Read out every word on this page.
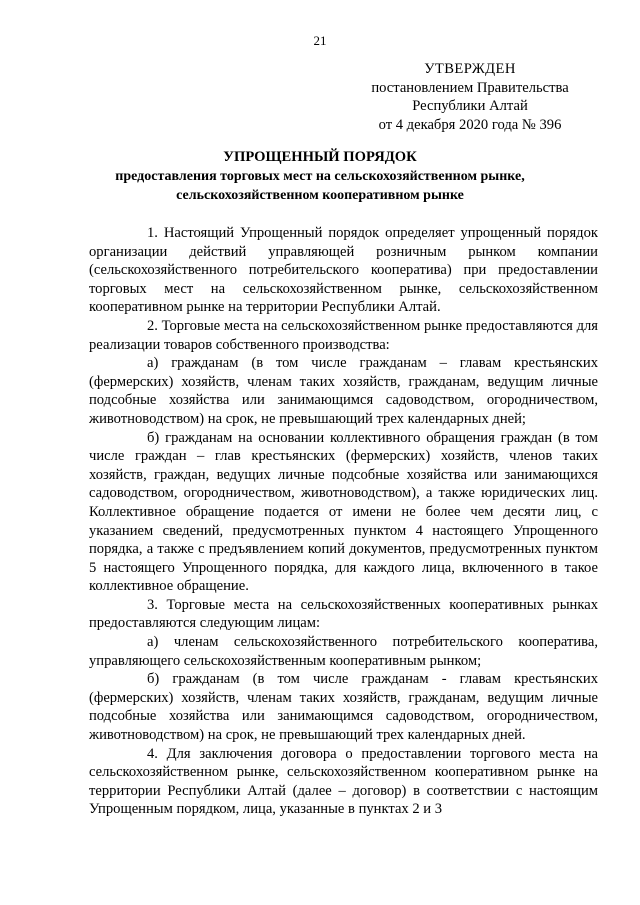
21
УТВЕРЖДЕН
постановлением Правительства
Республики Алтай
от 4 декабря 2020 года № 396
УПРОЩЕННЫЙ ПОРЯДОК
предоставления торговых мест на сельскохозяйственном рынке,
сельскохозяйственном кооперативном рынке

1. Настоящий Упрощенный порядок определяет упрощенный порядок организации действий управляющей розничным рынком компании (сельскохозяйственного потребительского кооператива) при предоставлении торговых мест на сельскохозяйственном рынке, сельскохозяйственном кооперативном рынке на территории Республики Алтай.

2. Торговые места на сельскохозяйственном рынке предоставляются для реализации товаров собственного производства:

а) гражданам (в том числе гражданам – главам крестьянских (фермерских) хозяйств, членам таких хозяйств, гражданам, ведущим личные подсобные хозяйства или занимающимся садоводством, огородничеством, животноводством) на срок, не превышающий трех календарных дней;

б) гражданам на основании коллективного обращения граждан (в том числе граждан – глав крестьянских (фермерских) хозяйств, членов таких хозяйств, граждан, ведущих личные подсобные хозяйства или занимающихся садоводством, огородничеством, животноводством), а также юридических лиц. Коллективное обращение подается от имени не более чем десяти лиц, с указанием сведений, предусмотренных пунктом 4 настоящего Упрощенного порядка, а также с предъявлением копий документов, предусмотренных пунктом 5 настоящего Упрощенного порядка, для каждого лица, включенного в такое коллективное обращение.

3. Торговые места на сельскохозяйственных кооперативных рынках предоставляются следующим лицам:

а) членам сельскохозяйственного потребительского кооператива, управляющего сельскохозяйственным кооперативным рынком;

б) гражданам (в том числе гражданам - главам крестьянских (фермерских) хозяйств, членам таких хозяйств, гражданам, ведущим личные подсобные хозяйства или занимающимся садоводством, огородничеством, животноводством) на срок, не превышающий трех календарных дней.

4. Для заключения договора о предоставлении торгового места на сельскохозяйственном рынке, сельскохозяйственном кооперативном рынке на территории Республики Алтай (далее – договор) в соответствии с настоящим Упрощенным порядком, лица, указанные в пунктах 2 и 3
